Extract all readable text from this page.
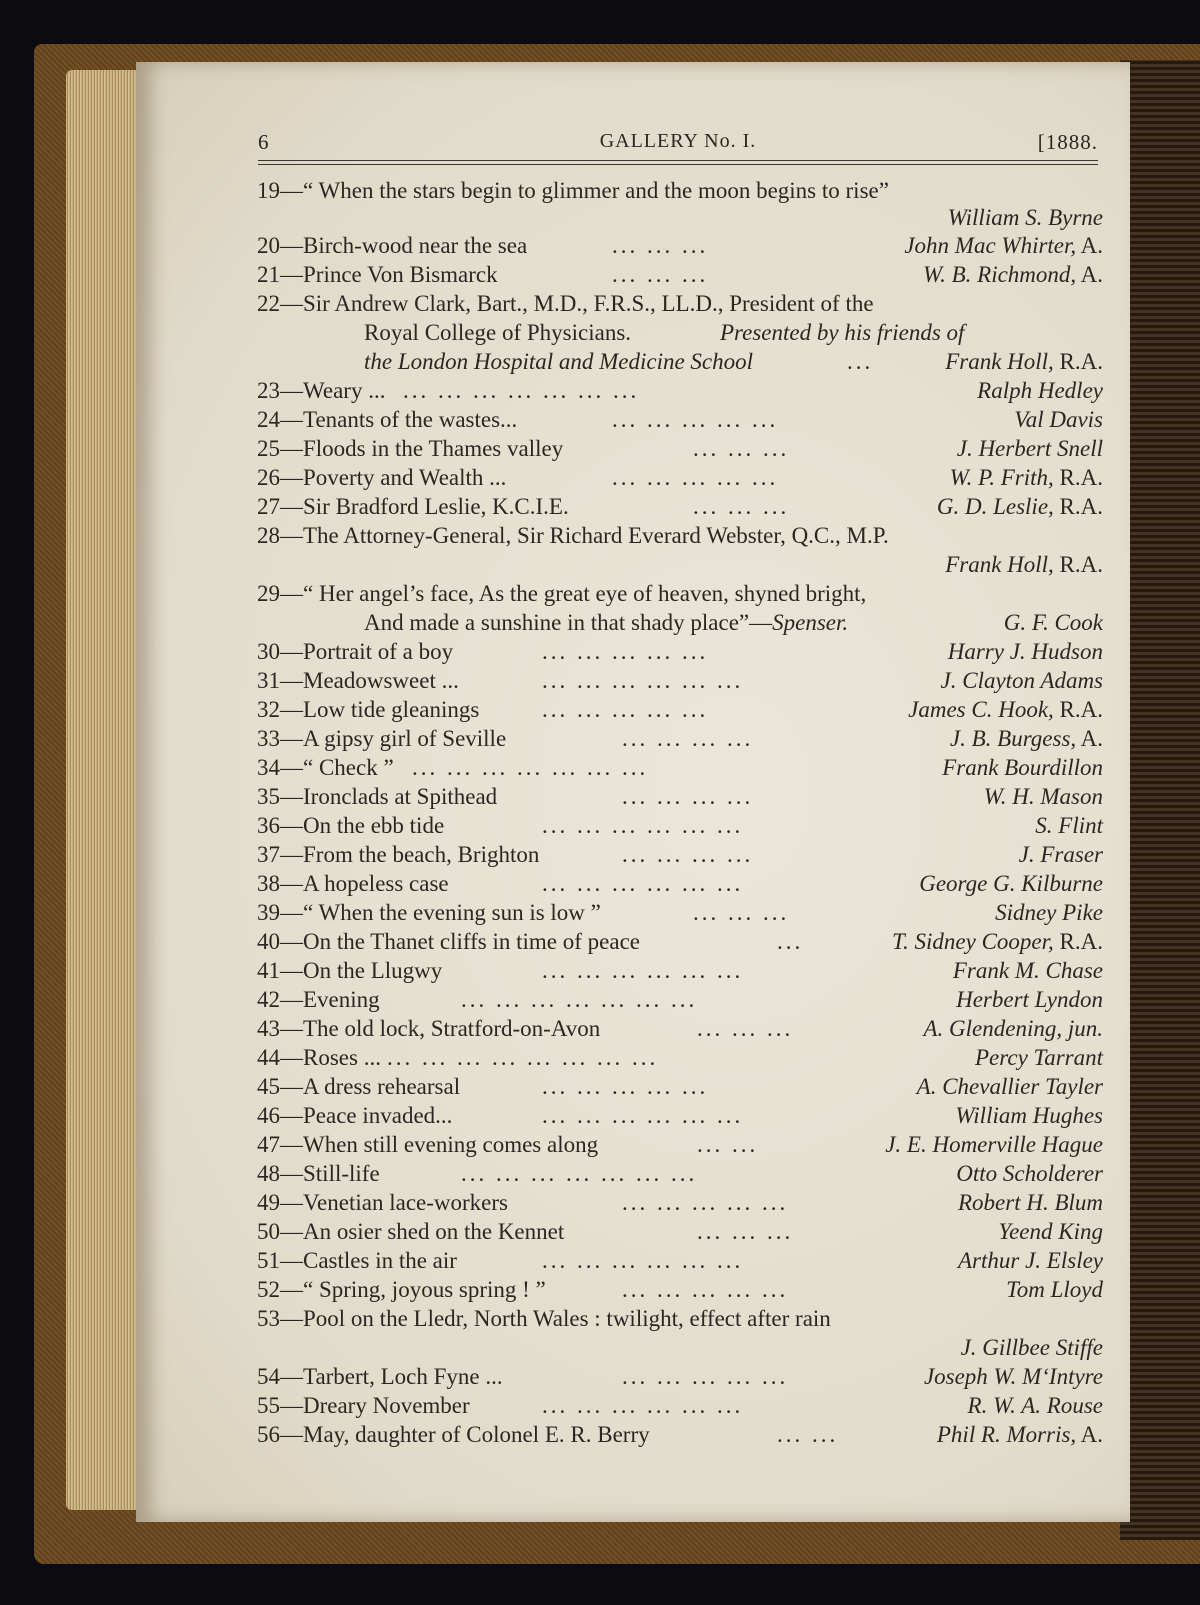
6	GALLERY No. I.	[1888.
19—“ When the stars begin to glimmer and the moon begins to rise”
William S. Byrne
20—Birch-wood near the sea	... ... ...	John Mac Whirter, A.
21—Prince Von Bismarck	... ... ...	W. B. Richmond, A.
22—Sir Andrew Clark, Bart., M.D., F.R.S., LL.D., President of the
Royal College of Physicians.	Presented by his friends of
the London Hospital and Medicine School	...	Frank Holl, R.A.
23—Weary ... ... ... ... ... ... ... ...	Ralph Hedley
24—Tenants of the wastes...	... ... ... ... ...	Val Davis
25—Floods in the Thames valley	... ... ...	J. Herbert Snell
26—Poverty and Wealth ...	... ... ... ... ...	W. P. Frith, R.A.
27—Sir Bradford Leslie, K.C.I.E.	... ... ...	G. D. Leslie, R.A.
28—The Attorney-General, Sir Richard Everard Webster, Q.C., M.P.
Frank Holl, R.A.
29—“ Her angel’s face, As the great eye of heaven, shyned bright,
And made a sunshine in that shady place”—Spenser.	G. F. Cook
30—Portrait of a boy	... ... ... ... ...	Harry J. Hudson
31—Meadowsweet ...	... ... ... ... ... ...	J. Clayton Adams
32—Low tide gleanings	... ... ... ... ...	James C. Hook, R.A.
33—A gipsy girl of Seville	... ... ... ...	J. B. Burgess, A.
34—“ Check ” ... ... ... ... ... ... ...	Frank Bourdillon
35—Ironclads at Spithead	... ... ... ...	W. H. Mason
36—On the ebb tide	... ... ... ... ... ...	S. Flint
37—From the beach, Brighton	... ... ... ...	J. Fraser
38—A hopeless case	... ... ... ... ... ...	George G. Kilburne
39—“ When the evening sun is low ”	... ... ...	Sidney Pike
40—On the Thanet cliffs in time of peace	...	T. Sidney Cooper, R.A.
41—On the Llugwy	... ... ... ... ... ...	Frank M. Chase
42—Evening	... ... ... ... ... ... ...	Herbert Lyndon
43—The old lock, Stratford-on-Avon	... ... ...	A. Glendening, jun.
44—Roses ... ... ... ... ... ... ... ... ...	Percy Tarrant
45—A dress rehearsal	... ... ... ... ...	A. Chevallier Tayler
46—Peace invaded...	... ... ... ... ... ...	William Hughes
47—When still evening comes along	... ...	J. E. Homerville Hague
48—Still-life	... ... ... ... ... ... ...	Otto Scholderer
49—Venetian lace-workers	... ... ... ... ...	Robert H. Blum
50—An osier shed on the Kennet	... ... ...	Yeend King
51—Castles in the air	... ... ... ... ... ...	Arthur J. Elsley
52—“ Spring, joyous spring ! ”	... ... ... ... ...	Tom Lloyd
53—Pool on the Lledr, North Wales : twilight, effect after rain
J. Gillbee Stiffe
54—Tarbert, Loch Fyne ...	... ... ... ... ...	Joseph W. M‘Intyre
55—Dreary November	... ... ... ... ... ...	R. W. A. Rouse
56—May, daughter of Colonel E. R. Berry	... ...	Phil R. Morris, A.
